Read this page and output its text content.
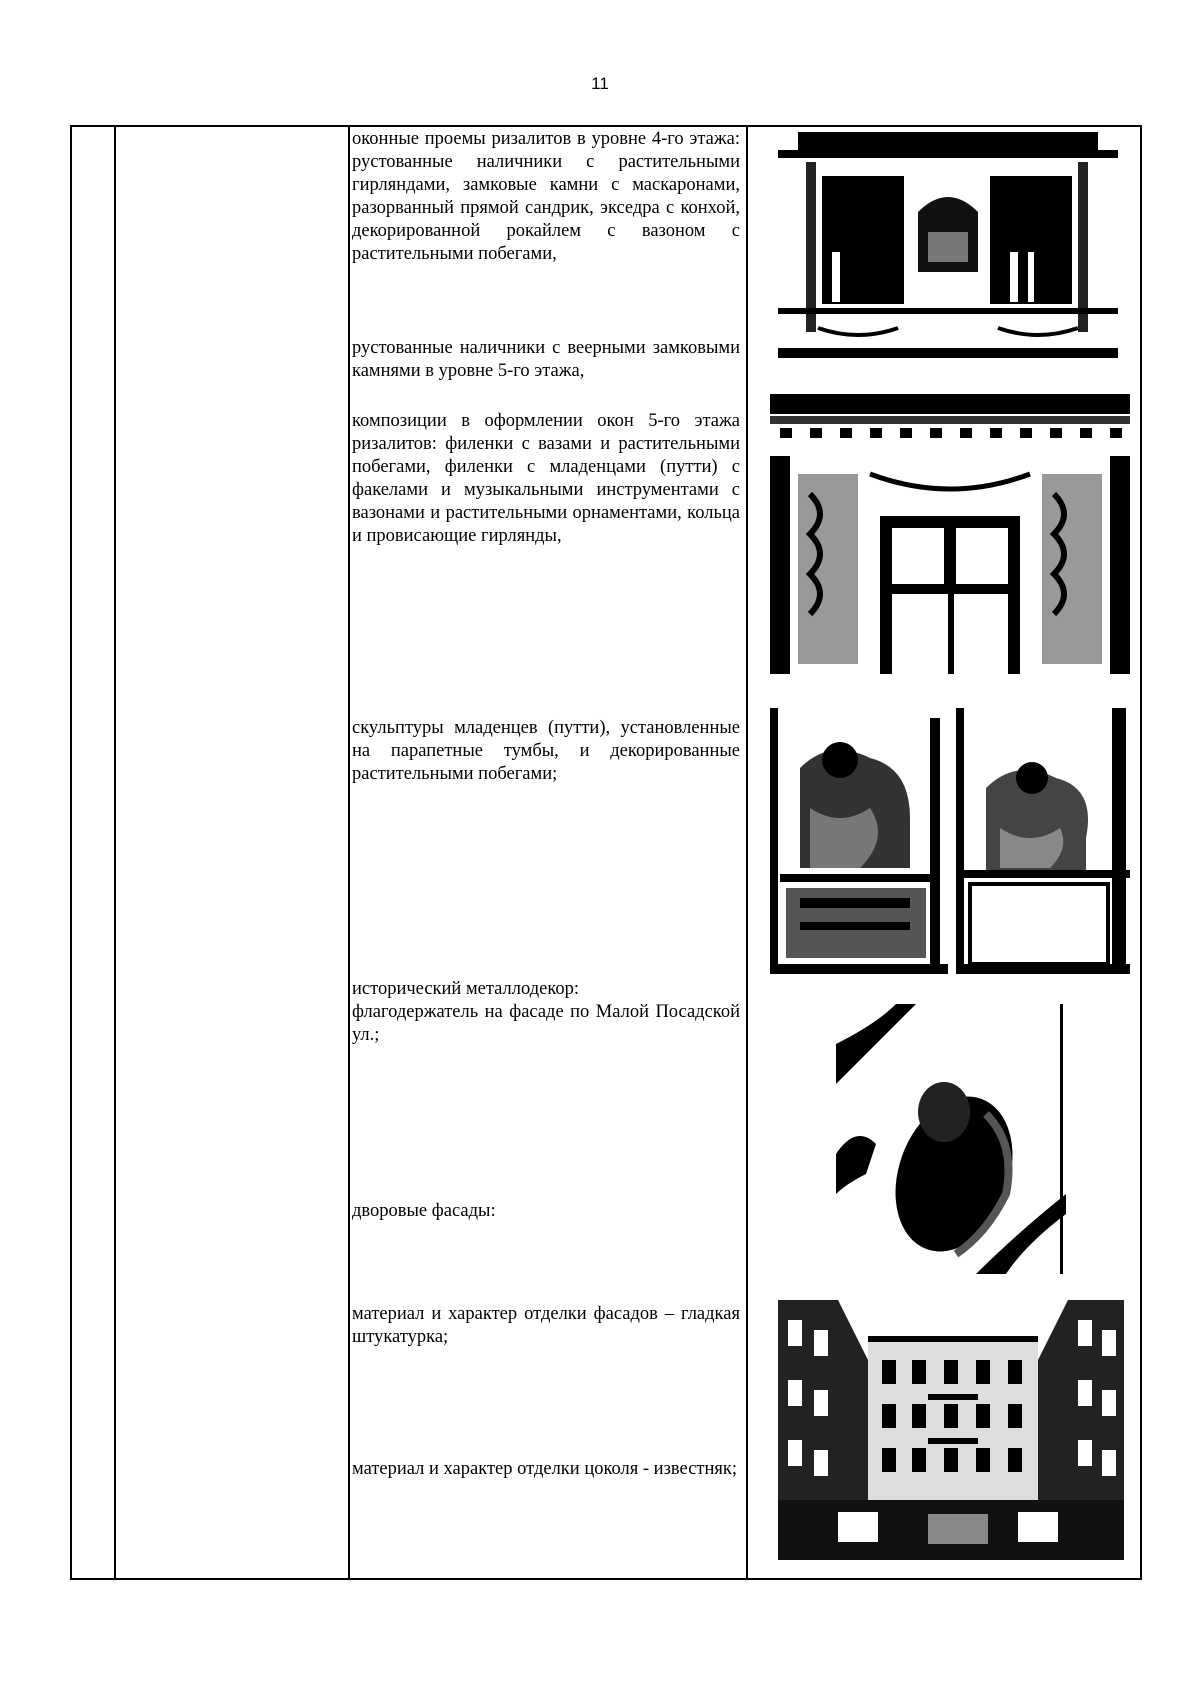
11

оконные проемы ризалитов в уровне 4-го этажа: рустованные наличники с растительными гирляндами, замковые камни с маскаронами, разорванный прямой сандрик, экседра с конхой, декорированной рокайлем с вазоном с растительными побегами,

рустованные наличники с веерными замковыми камнями в уровне 5-го этажа,

композиции в оформлении окон 5-го этажа ризалитов: филенки с вазами и растительными побегами, филенки с младенцами (путти) с факелами и музыкальными инструментами с вазонами и растительными орнаментами, кольца и провисающие гирлянды,

скульптуры младенцев (путти), установленные на парапетные тумбы, и декорированные растительными побегами;

исторический металлодекор:

флагодержатель на фасаде по Малой Посадской ул.;

дворовые фасады:

материал и характер отделки фасадов – гладкая штукатурка;

материал и характер отделки цоколя - известняк;
